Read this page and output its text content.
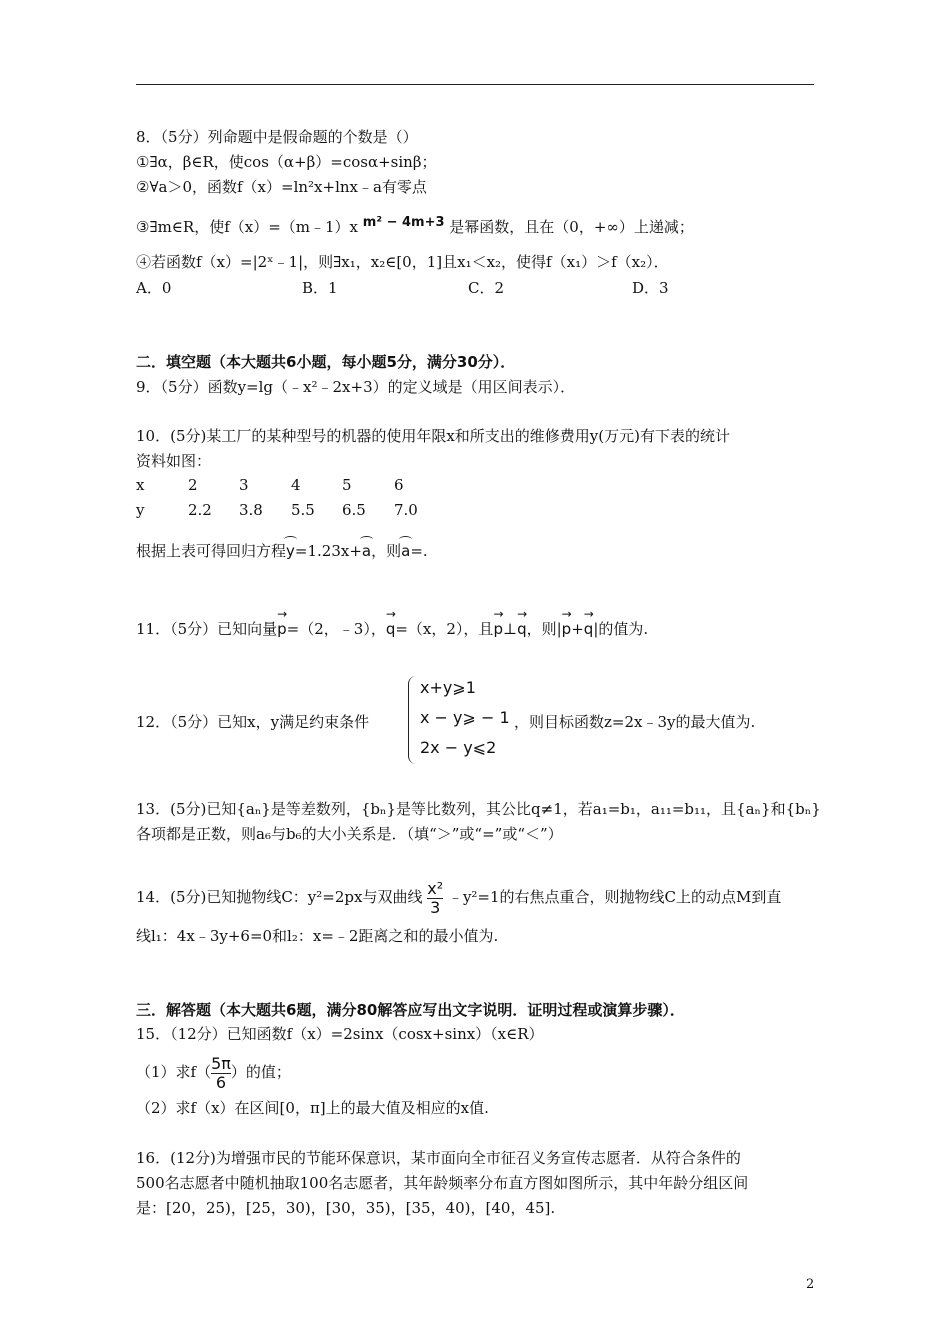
8．（5分）列命题中是假命题的个数是（）
①∃α，β∈R，使cos（α+β）=cosα+sinβ；
②∀a＞0，函数f（x）=ln²x+lnx﹣a有零点
③∃m∈R，使f（x）=（m﹣1）x m² − 4m+3 是幂函数，且在（0，+∞）上递减；
④若函数f（x）=|2ˣ﹣1|，则∃x₁，x₂∈[0，1]且x₁＜x₂，使得f（x₁）＞f（x₂）．
A．0	B．1	C．2	D．3
二．填空题（本大题共6小题，每小题5分，满分30分）．
9．（5分）函数y=lg（﹣x²﹣2x+3）的定义域是（用区间表示）．
10．(5分)某工厂的某种型号的机器的使用年限x和所支出的维修费用y(万元)有下表的统计
资料如图：
x	2	3	4	5	6
y	2.2 3.8 5.5 6.5 7.0
根据上表可得回归方程y=1.23x+a，则a=.
11．（5分）已知向量→ p=（2，﹣3），→ q=（x，2），且→ p⊥→ q，则|→ p+→ q|的值为.
12．（5分）已知x，y满足约束条件
x+y⩾1
x − y⩾ − 1
2x − y⩽2
，则目标函数z=2x﹣3y的最大值为.
13．(5分)已知{aₙ}是等差数列，{bₙ}是等比数列，其公比q≠1，若a₁=b₁，a₁₁=b₁₁，且{aₙ}和{bₙ}
各项都是正数，则a₆与b₆的大小关系是．（填“＞”或“=”或“＜”）
14．(5分)已知抛物线C：y²=2px与双曲线 $\frac{\text{x²}}{3}$ ﹣y²=1的右焦点重合，则抛物线C上的动点M到直
线l₁：4x﹣3y+6=0和l₂：x=﹣2距离之和的最小值为.
三．解答题（本大题共6题，满分80解答应写出文字说明．证明过程或演算步骤）．
15．（12分）已知函数f（x）=2sinx（cosx+sinx）（x∈R）
（1）求$f( \frac{5\pi}{6}$ ）的值；
（2）求f（x）在区间[0，π]上的最大值及相应的x值.
16．(12分)为增强市民的节能环保意识，某市面向全市征召义务宣传志愿者．从符合条件的
500名志愿者中随机抽取100名志愿者，其年龄频率分布直方图如图所示，其中年龄分组区间
是：[20，25)，[25，30)，[30，35)，[35，40)，[40，45].
2
